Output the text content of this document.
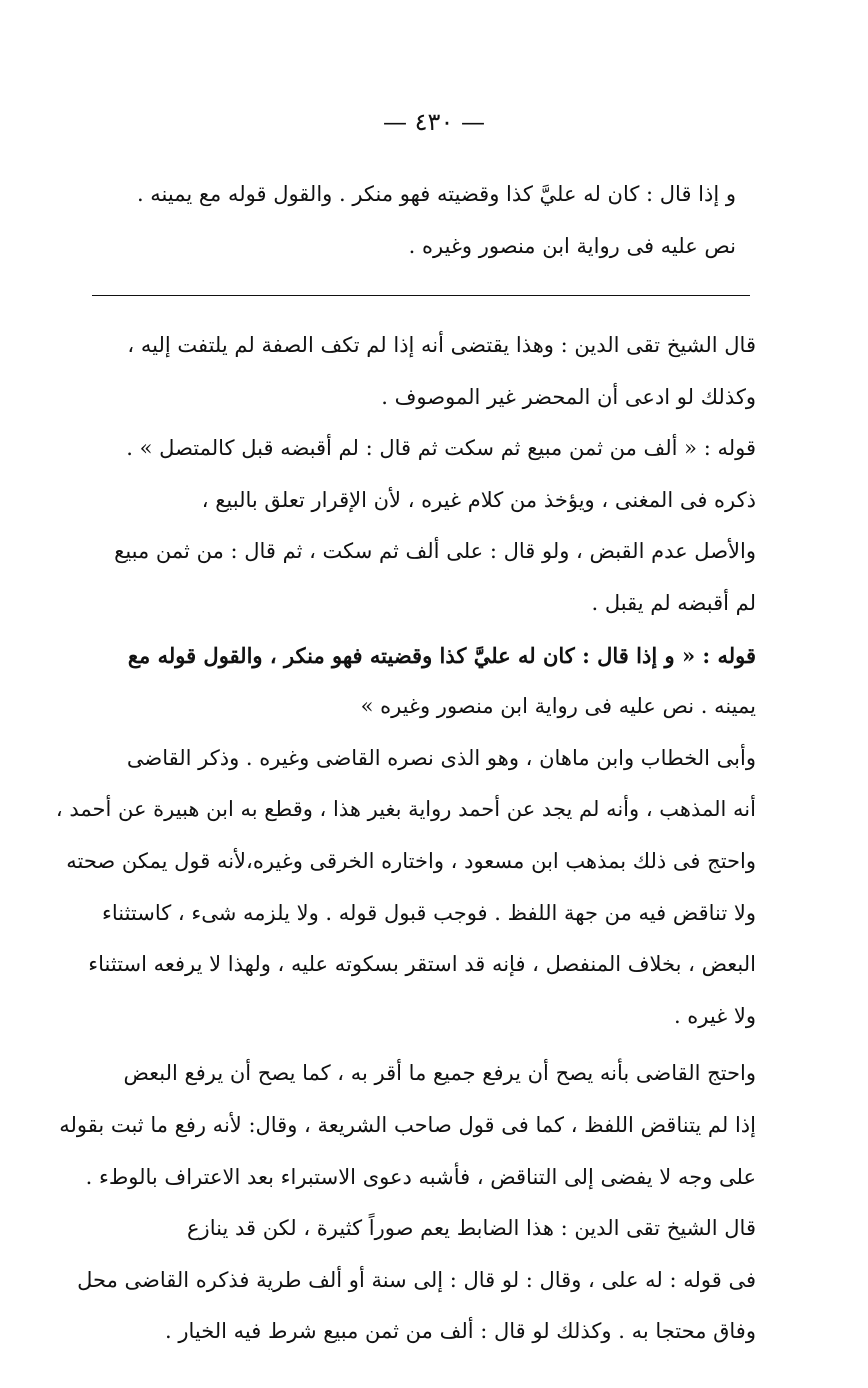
— ٤٣٠ —
و إذا قال : كان له عليَّ كذا وقضيته فهو منكر . والقول قوله مع يمينه .
نص عليه فى رواية ابن منصور وغيره .
قال الشيخ تقى الدين : وهذا يقتضى أنه إذا لم تكف الصفة لم يلتفت إليه ،
وكذلك لو ادعى أن المحضر غير الموصوف .
قوله : « ألف من ثمن مبيع ثم سكت ثم قال : لم أقبضه قبل كالمتصل » .
ذكره فى المغنى ، ويؤخذ من كلام غيره ، لأن الإقرار تعلق بالبيع ،
والأصل عدم القبض ، ولو قال : على ألف ثم سكت ، ثم قال : من ثمن مبيع
لم أقبضه لم يقبل .
قوله : « و إذا قال : كان له عليَّ كذا وقضيته فهو منكر ، والقول قوله مع
يمينه . نص عليه فى رواية ابن منصور وغيره »
وأبى الخطاب وابن ماهان ، وهو الذى نصره القاضى وغيره . وذكر القاضى
أنه المذهب ، وأنه لم يجد عن أحمد رواية بغير هذا ، وقطع به ابن هبيرة عن أحمد ،
واحتج فى ذلك بمذهب ابن مسعود ، واختاره الخرقى وغيره،لأنه قول يمكن صحته
ولا تناقض فيه من جهة اللفظ . فوجب قبول قوله . ولا يلزمه شىء ، كاستثناء
البعض ، بخلاف المنفصل ، فإنه قد استقر بسكوته عليه ، ولهذا لا يرفعه استثناء
ولا غيره .
واحتج القاضى بأنه يصح أن يرفع جميع ما أقر به ، كما يصح أن يرفع البعض
إذا لم يتناقض اللفظ ، كما فى قول صاحب الشريعة ، وقال: لأنه رفع ما ثبت بقوله
على وجه لا يفضى إلى التناقض ، فأشبه دعوى الاستبراء بعد الاعتراف بالوطء .
قال الشيخ تقى الدين : هذا الضابط يعم صوراً كثيرة ، لكن قد ينازع
فى قوله : له على ، وقال : لو قال : إلى سنة أو ألف طرية فذكره القاضى محل
وفاق محتجا به . وكذلك لو قال : ألف من ثمن مبيع شرط فيه الخيار .
